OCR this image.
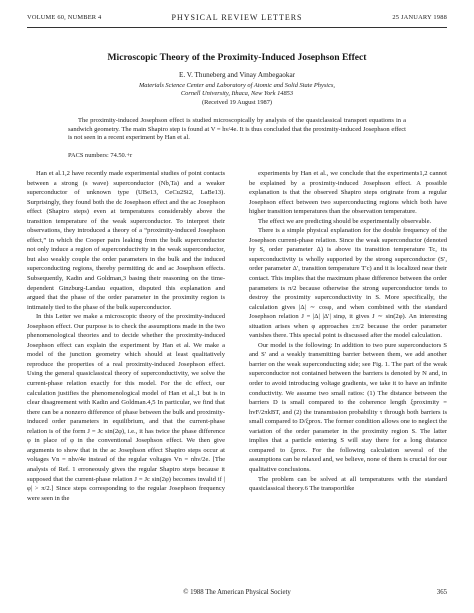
VOLUME 60, NUMBER 4	PHYSICAL REVIEW LETTERS	25 JANUARY 1988
Microscopic Theory of the Proximity-Induced Josephson Effect
E. V. Thuneberg and Vinay Ambegaokar
Materials Science Center and Laboratory of Atomic and Solid State Physics,
Cornell University, Ithaca, New York 14853
(Received 19 August 1987)
The proximity-induced Josephson effect is studied microscopically by analysis of the quasiclassical transport equations in a sandwich geometry. The main Shapiro step is found at V = hν/4e. It is thus concluded that the proximity-induced Josephson effect is not seen in a recent experiment by Han et al.
PACS numbers: 74.50.+r

Han et al.1,2 have recently made experimental studies of point contacts between a strong (s wave) superconductor (Nb,Ta) and a weaker superconductor of unknown type (UBe13, CeCu2Si2, LaBe13). Surprisingly, they found both the dc Josephson effect and the ac Josephson effect (Shapiro steps) even at temperatures considerably above the transition temperature of the weak superconductor. To interpret their observations, they introduced a theory of a “proximity-induced Josephson effect,” in which the Cooper pairs leaking from the bulk superconductor not only induce a region of superconductivity in the weak superconductor, but also weakly couple the order parameters in the bulk and the induced superconducting regions, thereby permitting dc and ac Josephson effects. Subsequently, Kadin and Goldman,3 basing their reasoning on the time-dependent Ginzburg-Landau equation, disputed this explanation and argued that the phase of the order parameter in the proximity region is intimately tied to the phase of the bulk superconductor.

In this Letter we make a microscopic theory of the proximity-induced Josephson effect. Our purpose is to check the assumptions made in the two phenomenological theories and to decide whether the proximity-induced Josephson effect can explain the experiment by Han et al. We make a model of the junction geometry which should at least qualitatively reproduce the properties of a real proximity-induced Josephson effect. Using the general quasiclassical theory of superconductivity, we solve the current-phase relation exactly for this model. For the dc effect, our calculation justifies the phenomenological model of Han et al.,1 but is in clear disagreement with Kadin and Goldman.4,5 In particular, we find that there can be a nonzero difference of phase between the bulk and proximity-induced order parameters in equilibrium, and that the current-phase relation is of the form J = Jc sin(2φ), i.e., it has twice the phase difference φ in place of φ in the conventional Josephson effect. We then give arguments to show that in the ac Josephson effect Shapiro steps occur at voltages Vn = nhν/4e instead of the regular voltages Vn = nhν/2e. [The analysis of Ref. 1 erroneously gives the regular Shapiro steps because it supposed that the current-phase relation J = Jc sin(2φ) becomes invalid if |φ| > π/2.] Since steps corresponding to the regular Josephson frequency were seen in the

experiments by Han et al., we conclude that the experiments1,2 cannot be explained by a proximity-induced Josephson effect. A possible explanation is that the observed Shapiro steps originate from a regular Josephson effect between two superconducting regions which both have higher transition temperatures than the observation temperature.

The effect we are predicting should be experimentally observable.

There is a simple physical explanation for the double frequency of the Josephson current-phase relation. Since the weak superconductor (denoted by S, order parameter Δ) is above its transition temperature Tc, its superconductivity is wholly supported by the strong superconductor (S′, order parameter Δ′, transition temperature T′c) and it is localized near their contact. This implies that the maximum phase difference between the order parameters is π/2 because otherwise the strong superconductor tends to destroy the proximity superconductivity in S. More specifically, the calculation gives |Δ| ∼ cosφ, and when combined with the standard Josephson relation J = |Δ| |Δ′| sinφ, it gives J ∼ sin(2φ). An interesting situation arises when φ approaches ±π/2 because the order parameter vanishes there. This special point is discussed after the model calculation.

Our model is the following: In addition to two pure superconductors S and S′ and a weakly transmitting barrier between them, we add another barrier on the weak superconducting side; see Fig. 1. The part of the weak superconductor not contained between the barriers is denoted by N and, in order to avoid introducing voltage gradients, we take it to have an infinite conductivity. We assume two small ratios: (1) The distance between the barriers D is small compared to the coherence length ξproximity = hvF/2πkBT, and (2) the transmission probability τ through both barriers is small compared to D/ξprox. The former condition allows one to neglect the variation of the order parameter in the proximity region S. The latter implies that a particle entering S will stay there for a long distance compared to ξprox. For the following calculation several of the assumptions can be relaxed and, we believe, none of them is crucial for our qualitative conclusions.

The problem can be solved at all temperatures with the standard quasiclassical theory.6 The transportlike

© 1988 The American Physical Society	365
